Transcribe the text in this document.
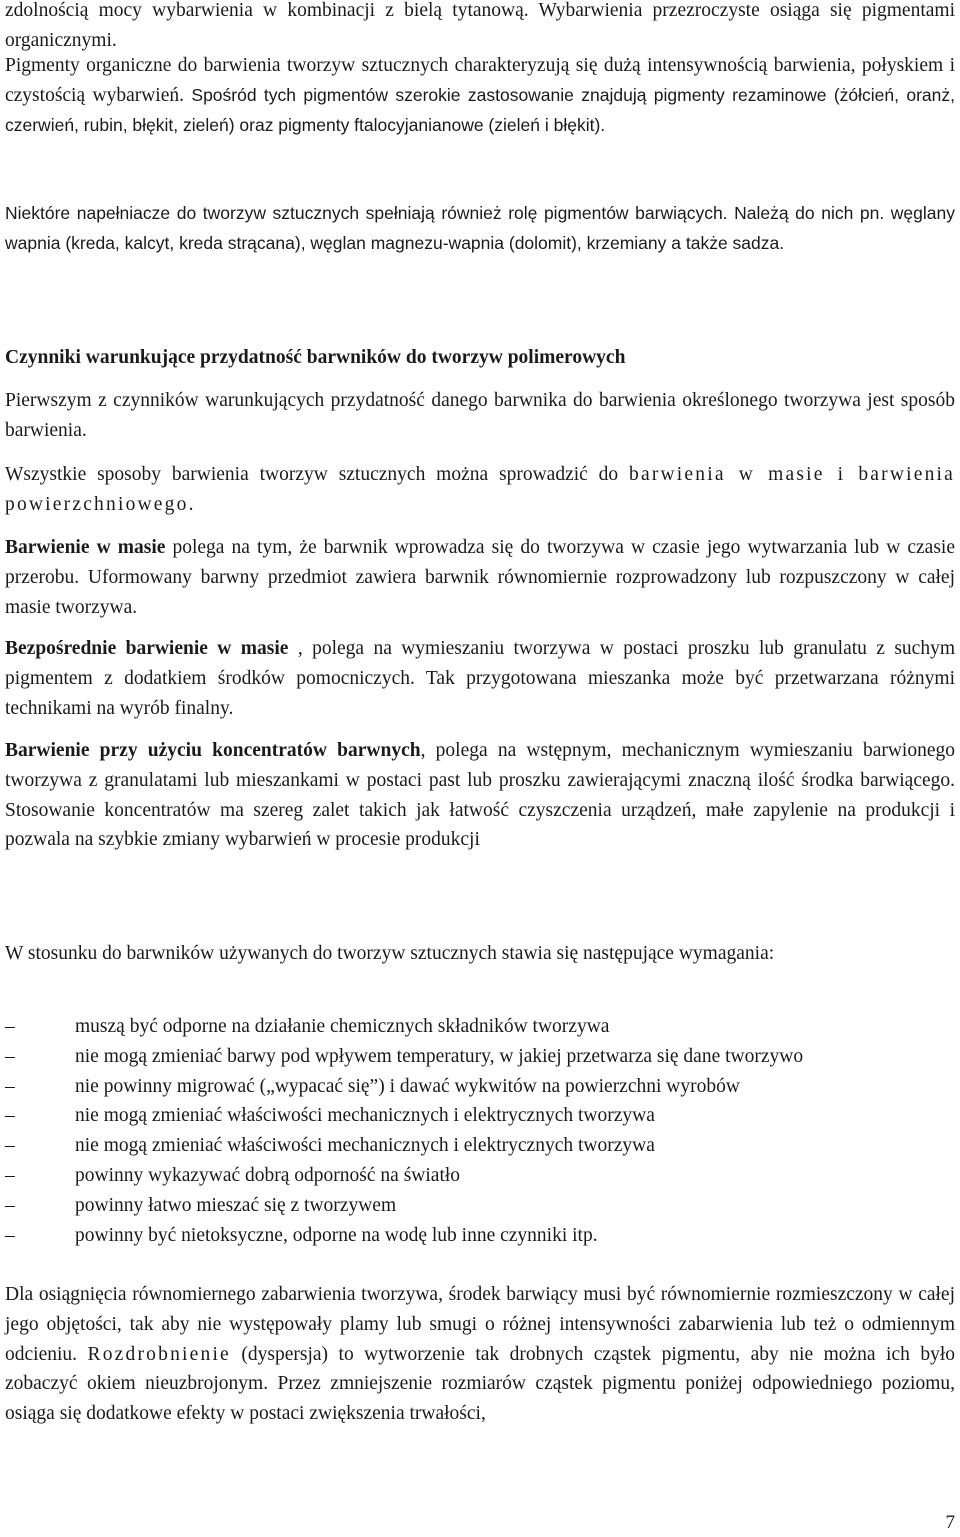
zdolnością mocy wybarwienia w kombinacji z bielą tytanową. Wybarwienia przezroczyste osiąga się pigmentami organicznymi.

Pigmenty organiczne do barwienia tworzyw sztucznych charakteryzują się dużą intensywnością barwienia, połyskiem i czystością wybarwień. Spośród tych pigmentów szerokie zastosowanie znajdują pigmenty rezaminowe (żółcień, oranż, czerwień, rubin, błękit, zieleń) oraz pigmenty ftalocyjanianowe (zieleń i błękit).

Niektóre napełniacze do tworzyw sztucznych spełniają również rolę pigmentów barwiących. Należą do nich pn. węglany wapnia (kreda, kalcyt, kreda strącana), węglan magnezu-wapnia (dolomit), krzemiany a także sadza.

Czynniki warunkujące przydatność barwników do tworzyw polimerowych

Pierwszym z czynników warunkujących przydatność danego barwnika do barwienia określonego tworzywa jest sposób barwienia.

Wszystkie sposoby barwienia tworzyw sztucznych można sprowadzić do barwienia w masie i barwienia powierzchniowego.

Barwienie w masie polega na tym, że barwnik wprowadza się do tworzywa w czasie jego wytwarzania lub w czasie przerobu. Uformowany barwny przedmiot zawiera barwnik równomiernie rozprowadzony lub rozpuszczony w całej masie tworzywa.

Bezpośrednie barwienie w masie , polega na wymieszaniu tworzywa w postaci proszku lub granulatu z suchym pigmentem z dodatkiem środków pomocniczych. Tak przygotowana mieszanka może być przetwarzana różnymi technikami na wyrób finalny.

Barwienie przy użyciu koncentratów barwnych, polega na wstępnym, mechanicznym wymieszaniu barwionego tworzywa z granulatami lub mieszankami w postaci past lub proszku zawierającymi znaczną ilość środka barwiącego. Stosowanie koncentratów ma szereg zalet takich jak łatwość czyszczenia urządzeń, małe zapylenie na produkcji i pozwala na szybkie zmiany wybarwień w procesie produkcji

W stosunku do barwników używanych do tworzyw sztucznych stawia się następujące wymagania:

–	muszą być odporne na działanie chemicznych składników tworzywa
–	nie mogą zmieniać barwy pod wpływem temperatury, w jakiej przetwarza się dane tworzywo
–	nie powinny migrować („wypacać się”) i dawać wykwitów na powierzchni wyrobów
–	nie mogą zmieniać właściwości mechanicznych i elektrycznych tworzywa
–	nie mogą zmieniać właściwości mechanicznych i elektrycznych tworzywa
–	powinny wykazywać dobrą odporność na światło
–	powinny łatwo mieszać się z tworzywem
–	powinny być nietoksyczne, odporne na wodę lub inne czynniki itp.

Dla osiągnięcia równomiernego zabarwienia tworzywa, środek barwiący musi być równomiernie rozmieszczony w całej jego objętości, tak aby nie występowały plamy lub smugi o różnej intensywności zabarwienia lub też o odmiennym odcieniu. Rozdrobnienie (dyspersja) to wytworzenie tak drobnych cząstek pigmentu, aby nie można ich było zobaczyć okiem nieuzbrojonym. Przez zmniejszenie rozmiarów cząstek pigmentu poniżej odpowiedniego poziomu, osiąga się dodatkowe efekty w postaci zwiększenia trwałości,

7
